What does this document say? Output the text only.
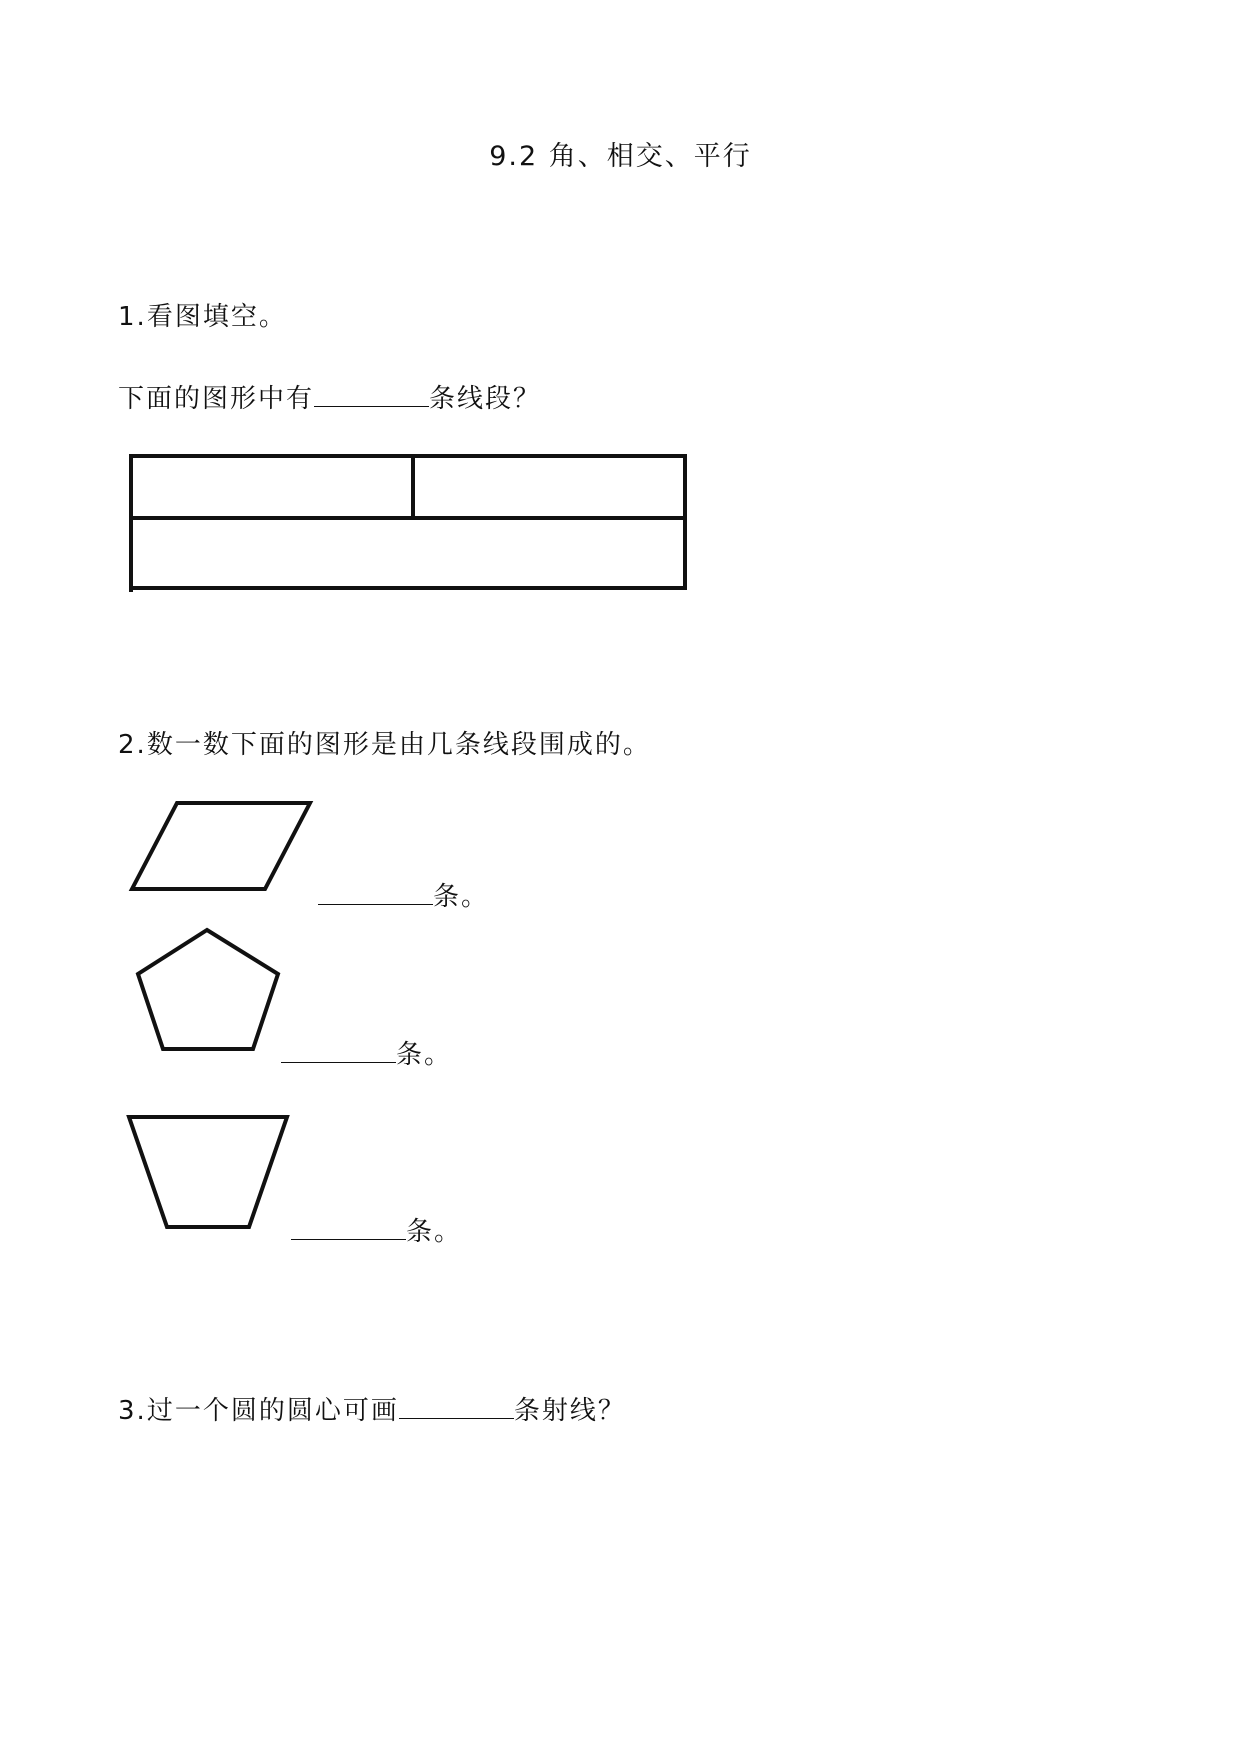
9.2 角、相交、平行
1.看图填空。
下面的图形中有	条线段？
2.数一数下面的图形是由几条线段围成的。
条。
条。
条。
3.过一个圆的圆心可画	条射线？
